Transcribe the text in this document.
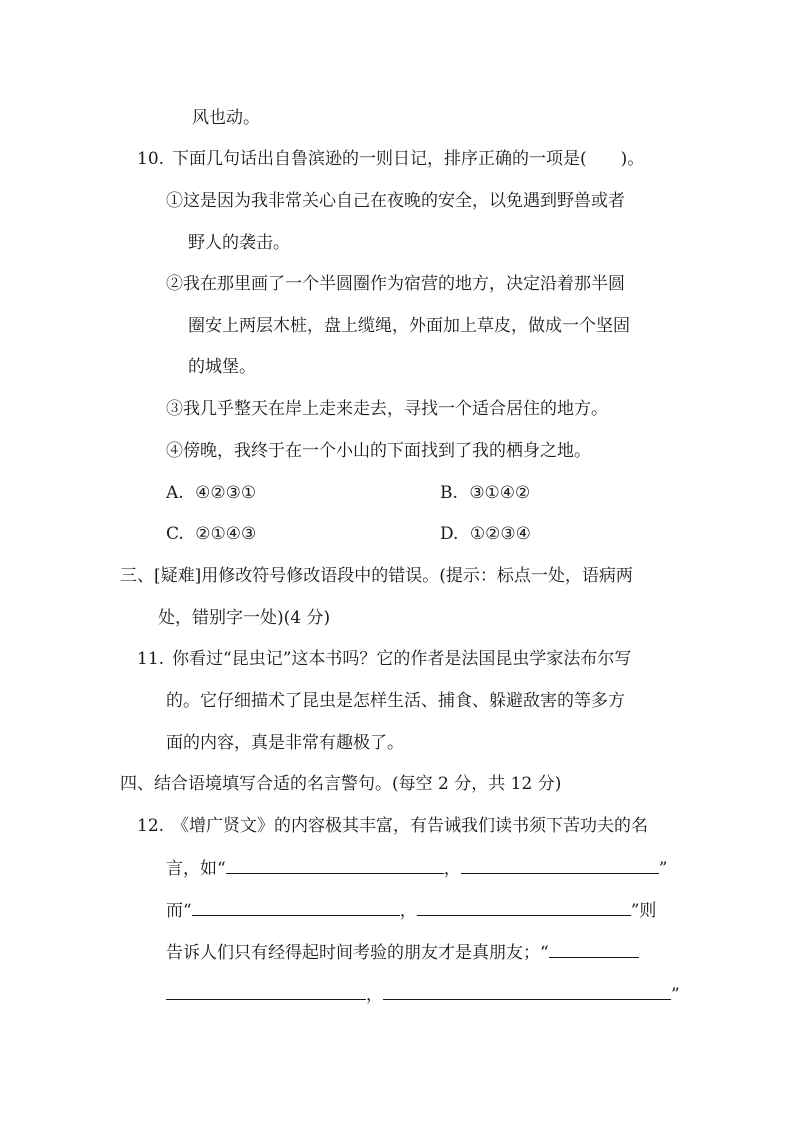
风也动。
10. 下面几句话出自鲁滨逊的一则日记，排序正确的一项是(　　)。
①这是因为我非常关心自己在夜晚的安全，以免遇到野兽或者
野人的袭击。
②我在那里画了一个半圆圈作为宿营的地方，决定沿着那半圆
圈安上两层木桩，盘上缆绳，外面加上草皮，做成一个坚固
的城堡。
③我几乎整天在岸上走来走去，寻找一个适合居住的地方。
④傍晚，我终于在一个小山的下面找到了我的栖身之地。
A. ④②③①	B. ③①④②
C. ②①④③	D. ①②③④
三、[疑难]用修改符号修改语段中的错误。(提示：标点一处，语病两
处，错别字一处)(4 分)
11. 你看过“昆虫记”这本书吗？它的作者是法国昆虫学家法布尔写
的。它仔细描术了昆虫是怎样生活、捕食、躲避敌害的等多方
面的内容，真是非常有趣极了。
四、结合语境填写合适的名言警句。(每空 2 分，共 12 分)
12. 《增广贤文》的内容极其丰富，有告诫我们读书须下苦功夫的名
言，如“	，	”
而“	，	”则
告诉人们只有经得起时间考验的朋友才是真朋友；“
，	”
